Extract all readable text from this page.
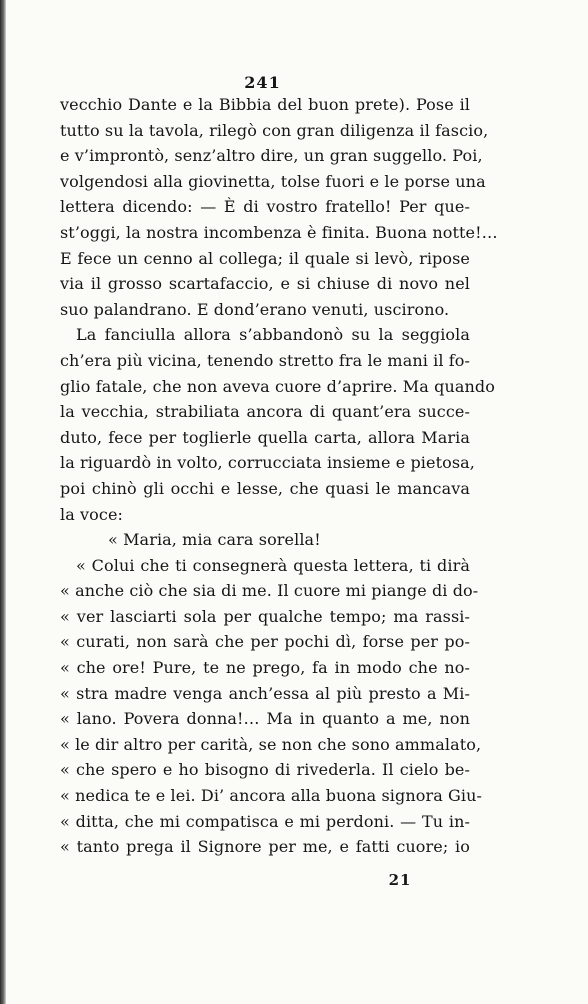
241
vecchio Dante e la Bibbia del buon prete). Pose il
tutto su la tavola, rilegò con gran diligenza il fascio,
e v’improntò, senz’altro dire, un gran suggello. Poi,
volgendosi alla giovinetta, tolse fuori e le porse una
lettera dicendo: — È di vostro fratello! Per que-
st’oggi, la nostra incombenza è finita. Buona notte!…
E fece un cenno al collega; il quale si levò, ripose
via il grosso scartafaccio, e si chiuse di novo nel
suo palandrano. E dond’erano venuti, uscirono.
La fanciulla allora s’abbandonò su la seggiola
ch’era più vicina, tenendo stretto fra le mani il fo-
glio fatale, che non aveva cuore d’aprire. Ma quando
la vecchia, strabiliata ancora di quant’era succe-
duto, fece per toglierle quella carta, allora Maria
la riguardò in volto, corrucciata insieme e pietosa,
poi chinò gli occhi e lesse, che quasi le mancava
la voce:
« Maria, mia cara sorella!
« Colui che ti consegnerà questa lettera, ti dirà
« anche ciò che sia di me. Il cuore mi piange di do-
« ver lasciarti sola per qualche tempo; ma rassi-
« curati, non sarà che per pochi dì, forse per po-
« che ore! Pure, te ne prego, fa in modo che no-
« stra madre venga anch’essa al più presto a Mi-
« lano. Povera donna!… Ma in quanto a me, non
« le dir altro per carità, se non che sono ammalato,
« che spero e ho bisogno di rivederla. Il cielo be-
« nedica te e lei. Di’ ancora alla buona signora Giu-
« ditta, che mi compatisca e mi perdoni. — Tu in-
« tanto prega il Signore per me, e fatti cuore; io
21
